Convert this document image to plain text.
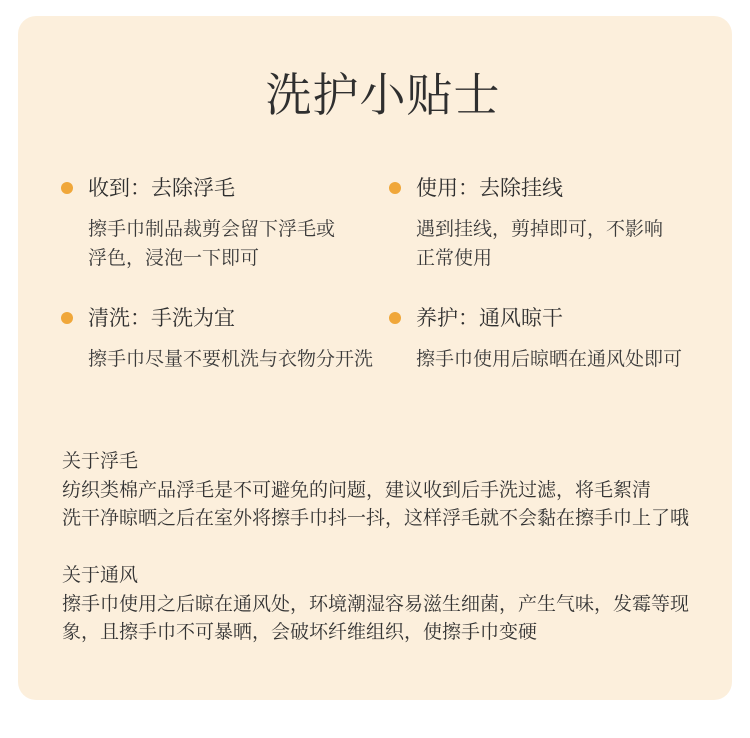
洗护小贴士
收到：去除浮毛
擦手巾制品裁剪会留下浮毛或
浮色，浸泡一下即可
使用：去除挂线
遇到挂线，剪掉即可，不影响
正常使用
清洗：手洗为宜
擦手巾尽量不要机洗与衣物分开洗
养护：通风晾干
擦手巾使用后晾晒在通风处即可
关于浮毛
纺织类棉产品浮毛是不可避免的问题，建议收到后手洗过滤，将毛絮清
洗干净晾晒之后在室外将擦手巾抖一抖，这样浮毛就不会黏在擦手巾上了哦
关于通风
擦手巾使用之后晾在通风处，环境潮湿容易滋生细菌，产生气味，发霉等现
象，且擦手巾不可暴晒，会破坏纤维组织，使擦手巾变硬
